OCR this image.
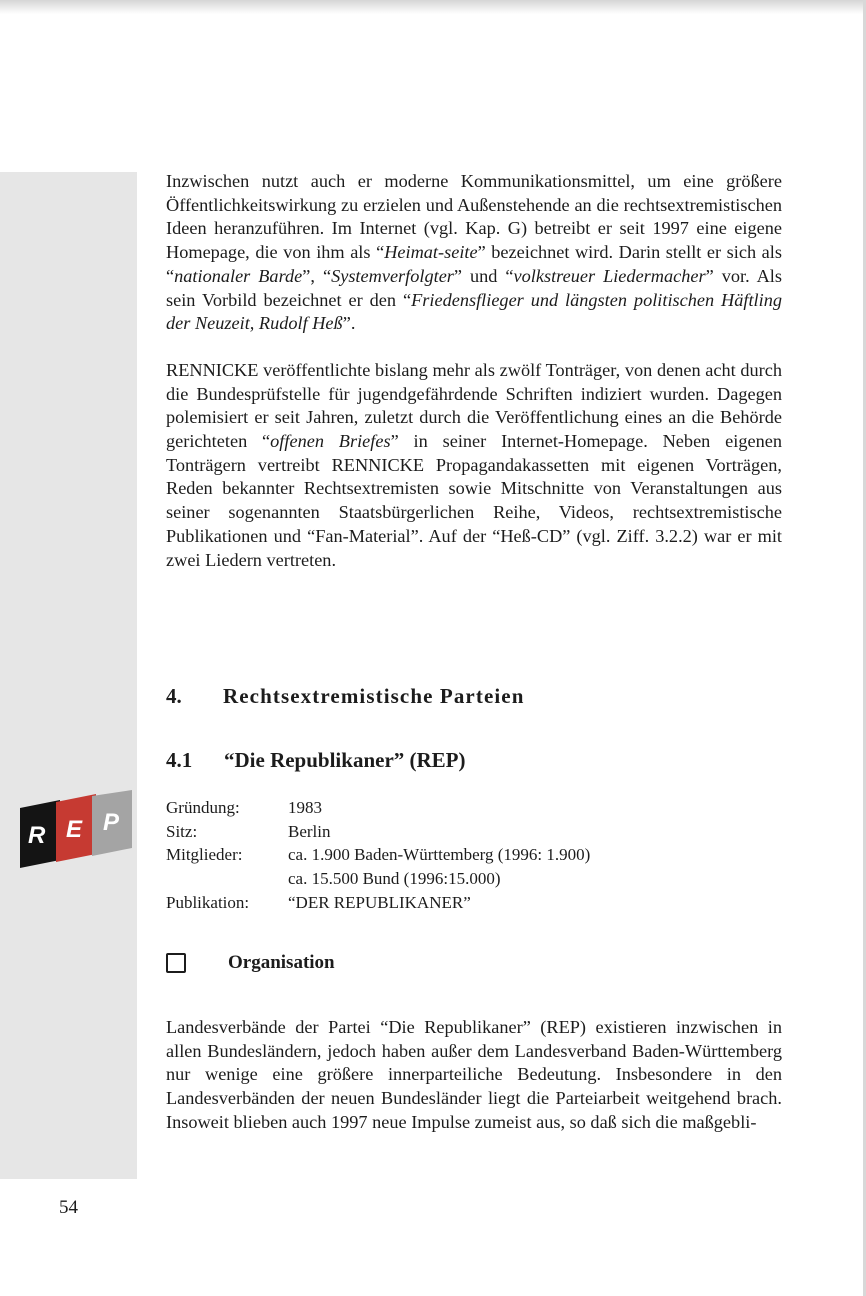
Inzwischen nutzt auch er moderne Kommunikationsmittel, um eine größere Öffentlichkeitswirkung zu erzielen und Außenstehende an die rechtsextremistischen Ideen heranzuführen. Im Internet (vgl. Kap. G) betreibt er seit 1997 eine eigene Homepage, die von ihm als “Heimat-seite” bezeichnet wird. Darin stellt er sich als “nationaler Barde”, “Systemverfolgter” und “volkstreuer Liedermacher” vor. Als sein Vorbild bezeichnet er den “Friedensflieger und längsten politischen Häftling der Neuzeit, Rudolf Heß”.

RENNICKE veröffentlichte bislang mehr als zwölf Tonträger, von denen acht durch die Bundesprüfstelle für jugendgefährdende Schriften indiziert wurden. Dagegen polemisiert er seit Jahren, zuletzt durch die Veröffentlichung eines an die Behörde gerichteten “offenen Briefes” in seiner Internet-Homepage. Neben eigenen Tonträgern vertreibt RENNICKE Propagandakassetten mit eigenen Vorträgen, Reden bekannter Rechtsextremisten sowie Mitschnitte von Veranstaltungen aus seiner sogenannten Staatsbürgerlichen Reihe, Videos, rechtsextremistische Publikationen und “Fan-Material”. Auf der “Heß-CD” (vgl. Ziff. 3.2.2) war er mit zwei Liedern vertreten.

4. Rechtsextremistische Parteien
4.1 “Die Republikaner” (REP)
R E P
Gründung:	1983
Sitz:	Berlin
Mitglieder:	ca. 1.900 Baden-Württemberg (1996: 1.900)
ca. 15.500 Bund (1996:15.000)
Publikation:	“DER REPUBLIKANER”
Organisation

Landesverbände der Partei “Die Republikaner” (REP) existieren inzwischen in allen Bundesländern, jedoch haben außer dem Landesverband Baden-Württemberg nur wenige eine größere innerparteiliche Bedeutung. Insbesondere in den Landesverbänden der neuen Bundesländer liegt die Parteiarbeit weitgehend brach. Insoweit blieben auch 1997 neue Impulse zumeist aus, so daß sich die maßgebli-

54
